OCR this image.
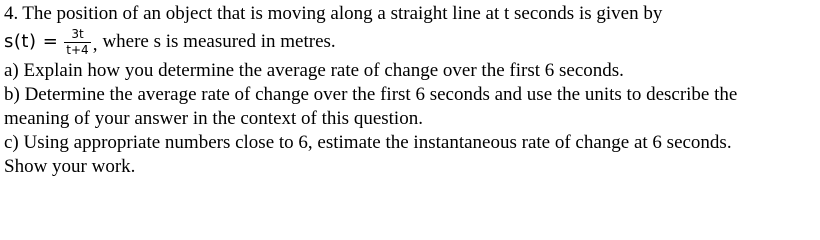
4. The position of an object that is moving along a straight line at t seconds is given by
$s(t) = \frac{3t}{t+4}$ , where s is measured in metres.
a) Explain how you determine the average rate of change over the first 6 seconds.
b) Determine the average rate of change over the first 6 seconds and use the units to describe the
meaning of your answer in the context of this question.
c) Using appropriate numbers close to 6, estimate the instantaneous rate of change at 6 seconds.
Show your work.
